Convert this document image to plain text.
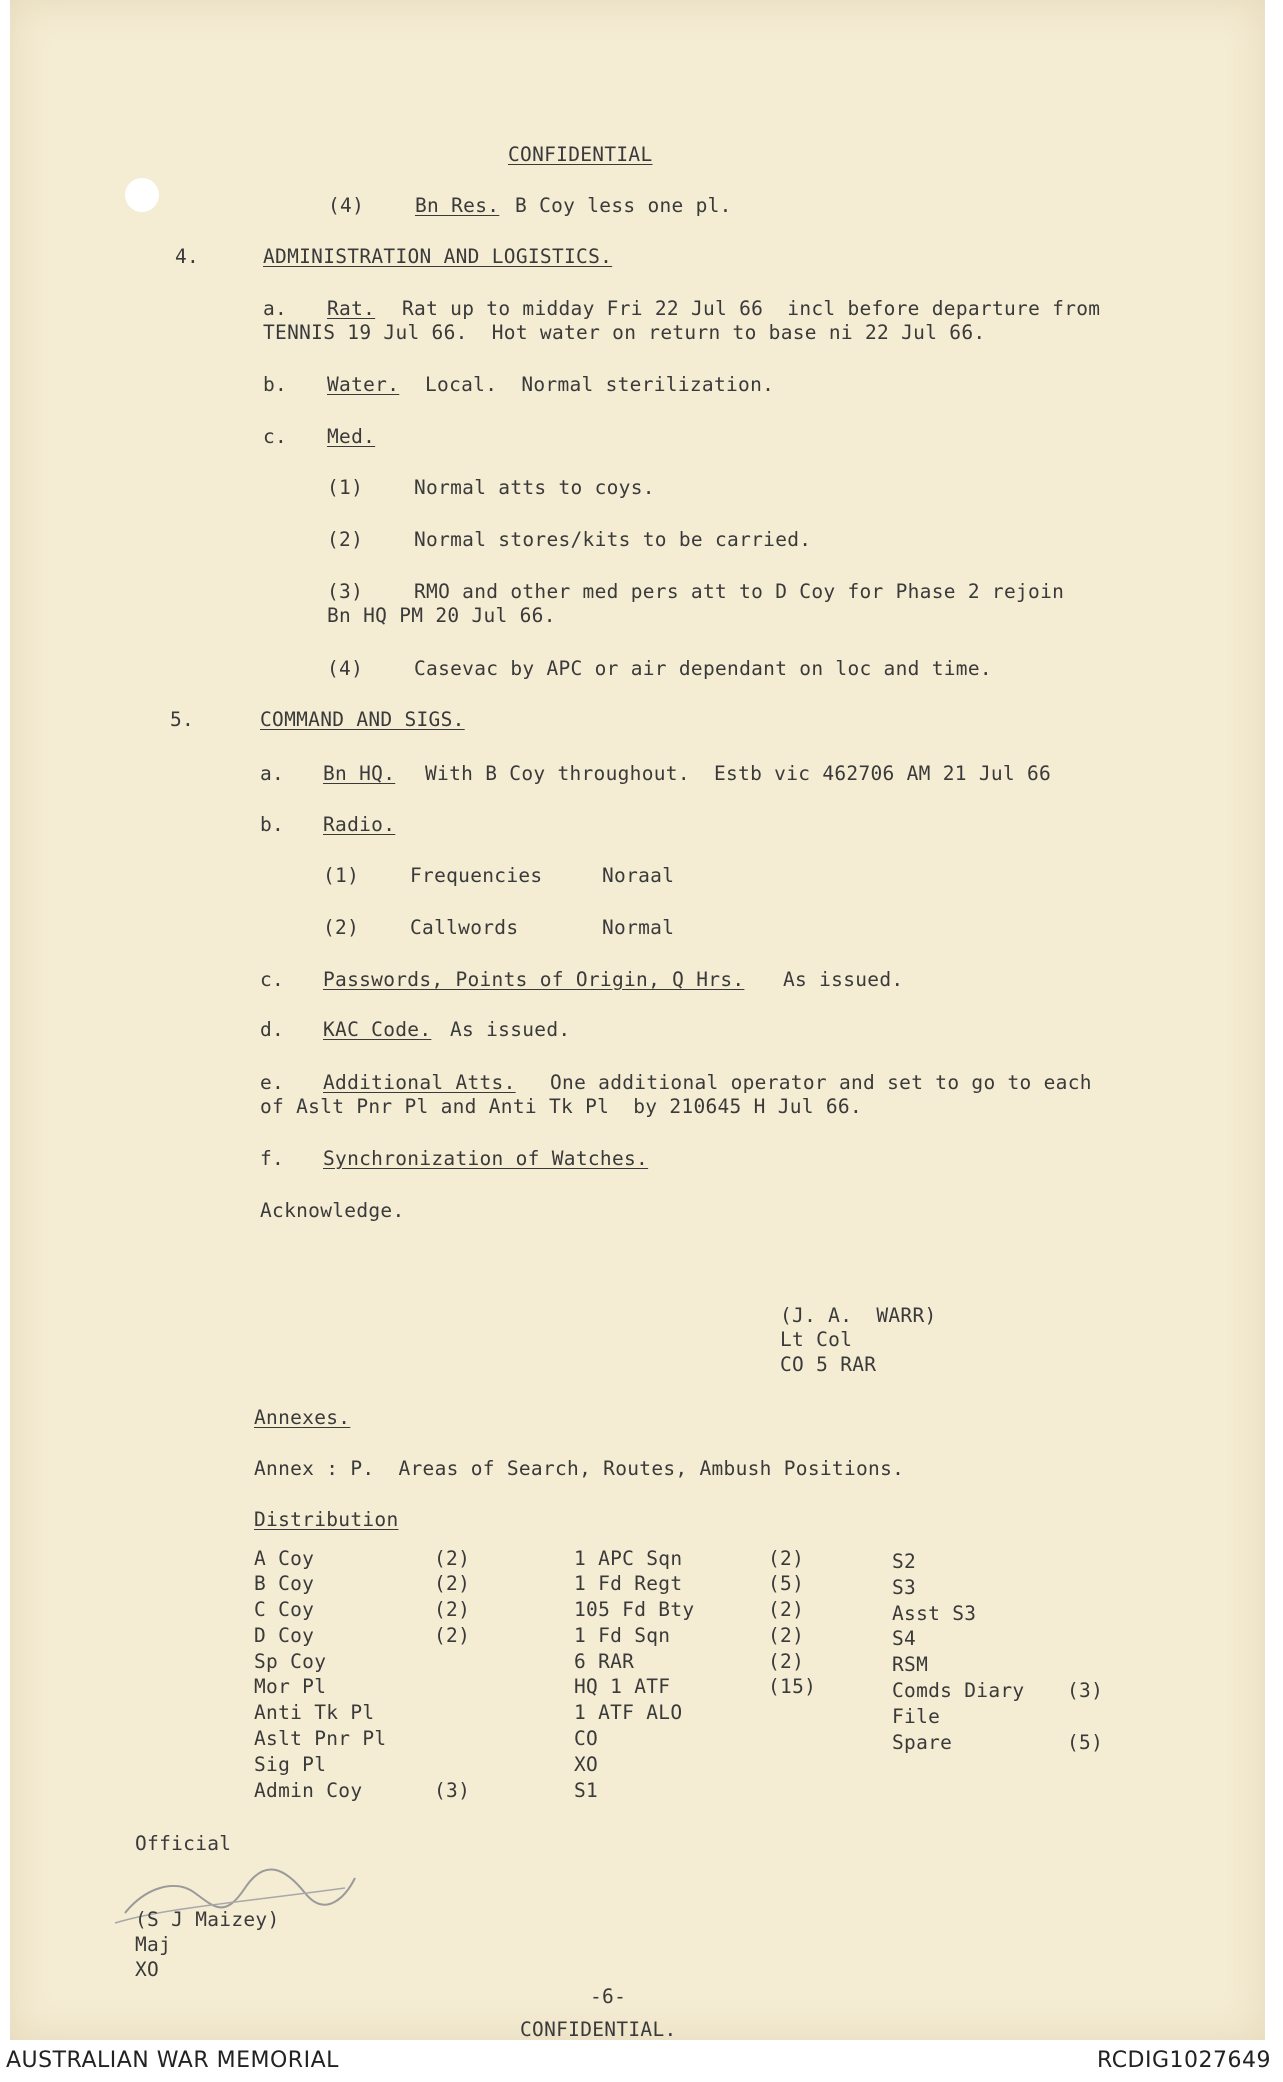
CONFIDENTIAL
(4)	Bn Res. B Coy less one pl.
4.	ADMINISTRATION AND LOGISTICS.
a. Rat. Rat up to midday Fri 22 Jul 66  incl before departure from
TENNIS 19 Jul 66.  Hot water on return to base ni 22 Jul 66.
b. Water. Local.  Normal sterilization.
c. Med.
(1)	Normal atts to coys.
(2)	Normal stores/kits to be carried.
(3)	RMO and other med pers att to D Coy for Phase 2 rejoin
Bn HQ PM 20 Jul 66.
(4)	Casevac by APC or air dependant on loc and time.
5.	COMMAND AND SIGS.
a. Bn HQ. With B Coy throughout.  Estb vic 462706 AM 21 Jul 66
b. Radio.
(1)	Frequencies	Noraal
(2)	Callwords	Normal
c. Passwords, Points of Origin, Q Hrs. As issued.
d. KAC Code. As issued.
e. Additional Atts. One additional operator and set to go to each
of Aslt Pnr Pl and Anti Tk Pl  by 210645 H Jul 66.
f. Synchronization of Watches.
Acknowledge.
(J. A.  WARR)
Lt Col
CO 5 RAR
Annexes.
Annex : P.  Areas of Search, Routes, Ambush Positions.
Distribution
A Coy	(2)
B Coy	(2)
C Coy	(2)
D Coy	(2)
Sp Coy
Mor Pl
Anti Tk Pl
Aslt Pnr Pl
Sig Pl
Admin Coy	(3)
1 APC Sqn	(2)
1 Fd Regt	(5)
105 Fd Bty	(2)
1 Fd Sqn	(2)
6 RAR	(2)
HQ 1 ATF	(15)
1 ATF ALO
CO
XO
S1
S2
S3
Asst S3
S4
RSM
Comds Diary (3)
File
Spare	(5)
Official
(S J Maizey)
Maj
XO
-6-
CONFIDENTIAL.
AUSTRALIAN WAR MEMORIAL	RCDIG1027649
